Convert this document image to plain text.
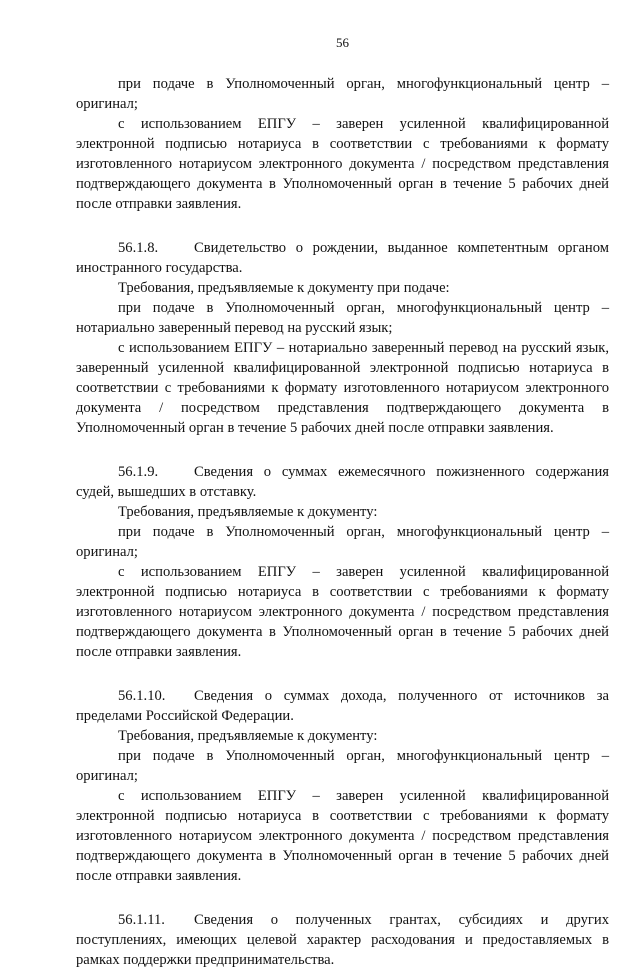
56

при подаче в Уполномоченный орган, многофункциональный центр – оригинал;

с использованием ЕПГУ – заверен усиленной квалифицированной электронной подписью нотариуса в соответствии с требованиями к формату изготовленного нотариусом электронного документа / посредством представления подтверждающего документа в Уполномоченный орган в течение 5 рабочих дней после отправки заявления.

56.1.8. Свидетельство о рождении, выданное компетентным органом иностранного государства.

Требования, предъявляемые к документу при подаче:

при подаче в Уполномоченный орган, многофункциональный центр – нотариально заверенный перевод на русский язык;

с использованием ЕПГУ – нотариально заверенный перевод на русский язык, заверенный усиленной квалифицированной электронной подписью нотариуса в соответствии с требованиями к формату изготовленного нотариусом электронного документа / посредством представления подтверждающего документа в Уполномоченный орган в течение 5 рабочих дней после отправки заявления.

56.1.9. Сведения о суммах ежемесячного пожизненного содержания судей, вышедших в отставку.

Требования, предъявляемые к документу:

при подаче в Уполномоченный орган, многофункциональный центр – оригинал;

с использованием ЕПГУ – заверен усиленной квалифицированной электронной подписью нотариуса в соответствии с требованиями к формату изготовленного нотариусом электронного документа / посредством представления подтверждающего документа в Уполномоченный орган в течение 5 рабочих дней после отправки заявления.

56.1.10. Сведения о суммах дохода, полученного от источников за пределами Российской Федерации.

Требования, предъявляемые к документу:

при подаче в Уполномоченный орган, многофункциональный центр – оригинал;

с использованием ЕПГУ – заверен усиленной квалифицированной электронной подписью нотариуса в соответствии с требованиями к формату изготовленного нотариусом электронного документа / посредством представления подтверждающего документа в Уполномоченный орган в течение 5 рабочих дней после отправки заявления.

56.1.11. Сведения о полученных грантах, субсидиях и других поступлениях, имеющих целевой характер расходования и предоставляемых в рамках поддержки предпринимательства.
